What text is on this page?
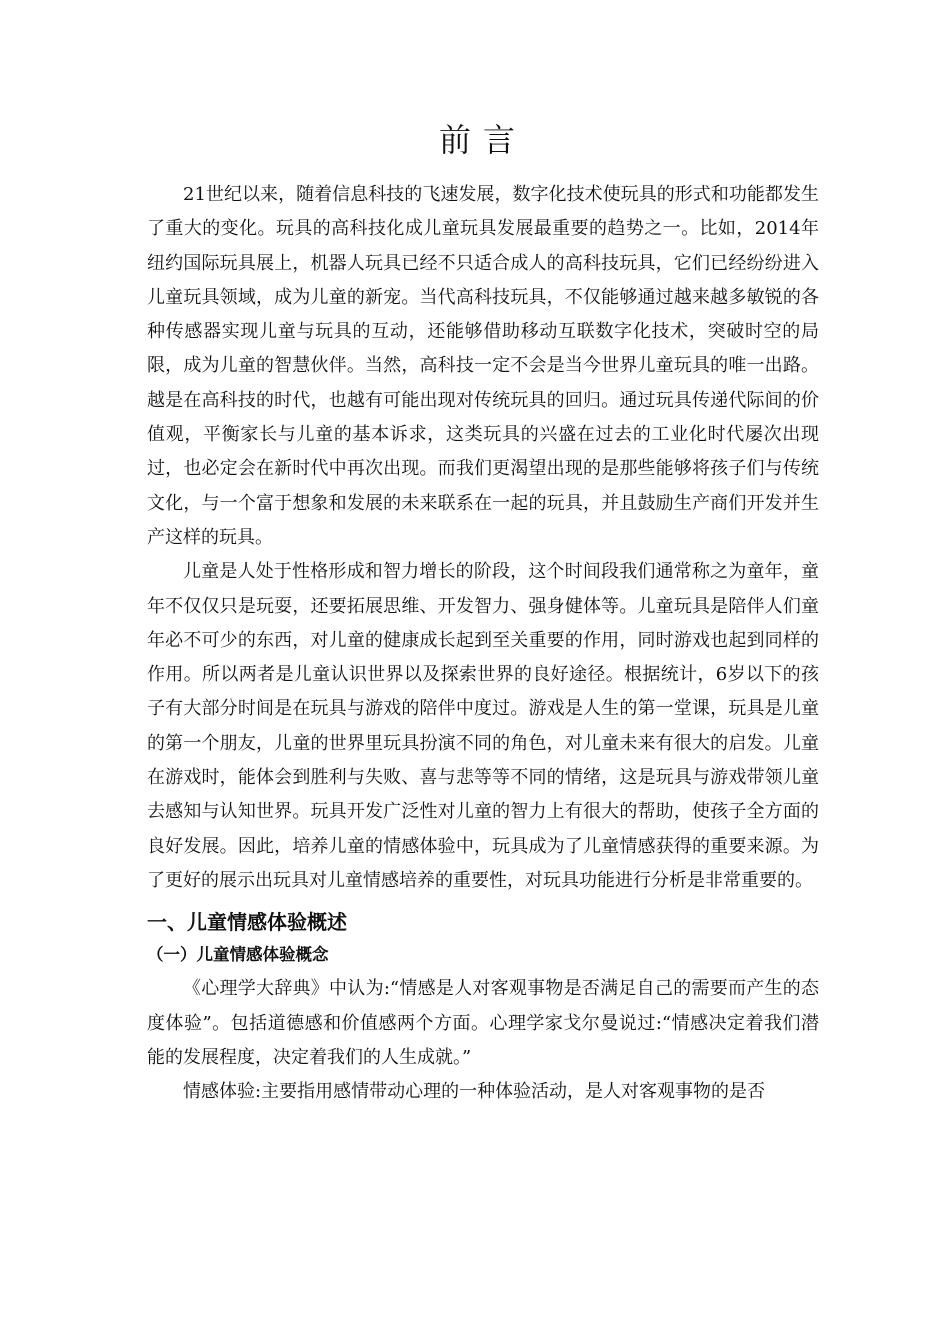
前言

21世纪以来，随着信息科技的飞速发展，数字化技术使玩具的形式和功能都发生了重大的变化。玩具的高科技化成儿童玩具发展最重要的趋势之一。比如，2014年纽约国际玩具展上，机器人玩具已经不只适合成人的高科技玩具，它们已经纷纷进入儿童玩具领域，成为儿童的新宠。当代高科技玩具，不仅能够通过越来越多敏锐的各种传感器实现儿童与玩具的互动，还能够借助移动互联数字化技术，突破时空的局限，成为儿童的智慧伙伴。当然，高科技一定不会是当今世界儿童玩具的唯一出路。越是在高科技的时代，也越有可能出现对传统玩具的回归。通过玩具传递代际间的价值观，平衡家长与儿童的基本诉求，这类玩具的兴盛在过去的工业化时代屡次出现过，也必定会在新时代中再次出现。而我们更渴望出现的是那些能够将孩子们与传统文化，与一个富于想象和发展的未来联系在一起的玩具，并且鼓励生产商们开发并生产这样的玩具。

儿童是人处于性格形成和智力增长的阶段，这个时间段我们通常称之为童年，童年不仅仅只是玩耍，还要拓展思维、开发智力、强身健体等。儿童玩具是陪伴人们童年必不可少的东西，对儿童的健康成长起到至关重要的作用，同时游戏也起到同样的作用。所以两者是儿童认识世界以及探索世界的良好途径。根据统计，6岁以下的孩子有大部分时间是在玩具与游戏的陪伴中度过。游戏是人生的第一堂课，玩具是儿童的第一个朋友，儿童的世界里玩具扮演不同的角色，对儿童未来有很大的启发。儿童在游戏时，能体会到胜利与失败、喜与悲等等不同的情绪，这是玩具与游戏带领儿童去感知与认知世界。玩具开发广泛性对儿童的智力上有很大的帮助，使孩子全方面的良好发展。因此，培养儿童的情感体验中，玩具成为了儿童情感获得的重要来源。为了更好的展示出玩具对儿童情感培养的重要性，对玩具功能进行分析是非常重要的。

一、儿童情感体验概述
（一）儿童情感体验概念

《心理学大辞典》中认为:“情感是人对客观事物是否满足自己的需要而产生的态度体验”。包括道德感和价值感两个方面。心理学家戈尔曼说过:“情感决定着我们潜能的发展程度，决定着我们的人生成就。”

情感体验:主要指用感情带动心理的一种体验活动，是人对客观事物的是否
